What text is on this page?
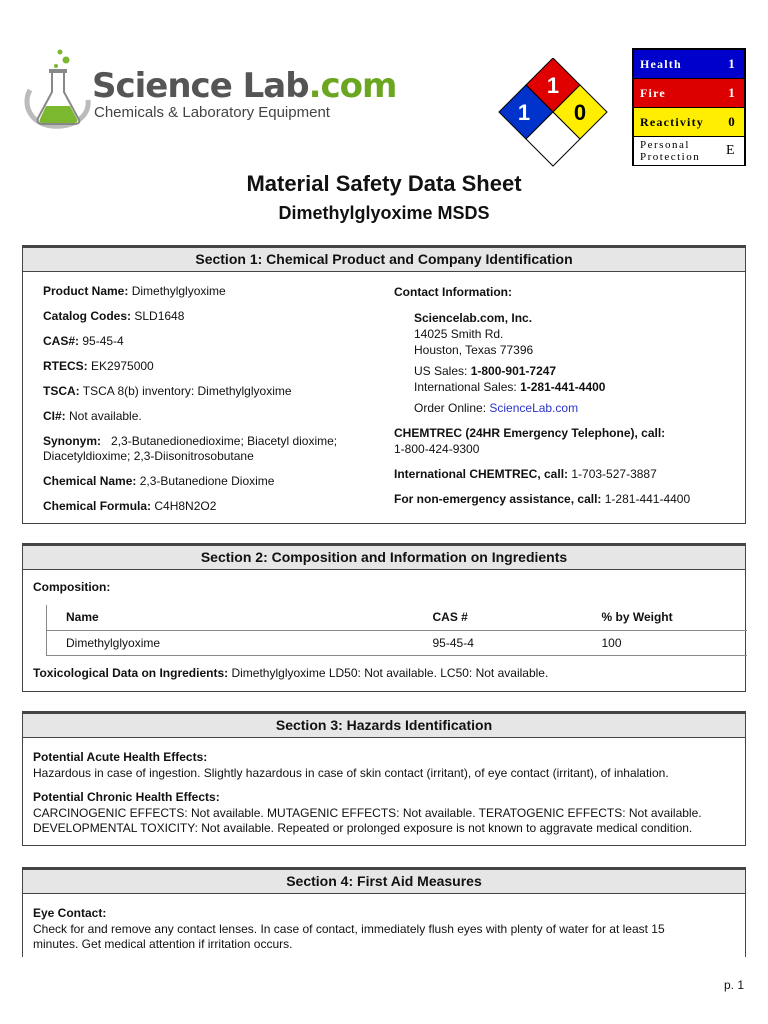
Science Lab.com
Chemicals & Laboratory Equipment
1
1 0
Health	1
Fire	1
Reactivity 0
Personal Protection	E
Material Safety Data Sheet
Dimethylglyoxime MSDS
Section 1: Chemical Product and Company Identification

Product Name: Dimethylglyoxime

Catalog Codes: SLD1648

CAS#: 95-45-4

RTECS: EK2975000

TSCA: TSCA 8(b) inventory: Dimethylglyoxime

CI#: Not available.

Synonym:   2,3-Butanedionedioxime; Biacetyl dioxime; Diacetyldioxime; 2,3-Diisonitrosobutane

Chemical Name: 2,3-Butanedione Dioxime

Chemical Formula: C4H8N2O2

Contact Information:

Sciencelab.com, Inc.

14025 Smith Rd.

Houston, Texas 77396

US Sales: 1-800-901-7247

International Sales: 1-281-441-4400

Order Online: ScienceLab.com

CHEMTREC (24HR Emergency Telephone), call:

1-800-424-9300

International CHEMTREC, call: 1-703-527-3887

For non-emergency assistance, call: 1-281-441-4400

Section 2: Composition and Information on Ingredients
Composition:
Name	CAS #	% by Weight
Dimethylglyoxime	95-45-4	100
Toxicological Data on Ingredients: Dimethylglyoxime LD50: Not available. LC50: Not available.
Section 3: Hazards Identification

Potential Acute Health Effects:

Hazardous in case of ingestion. Slightly hazardous in case of skin contact (irritant), of eye contact (irritant), of inhalation.

Potential Chronic Health Effects:

CARCINOGENIC EFFECTS: Not available. MUTAGENIC EFFECTS: Not available. TERATOGENIC EFFECTS: Not available. DEVELOPMENTAL TOXICITY: Not available. Repeated or prolonged exposure is not known to aggravate medical condition.

Section 4: First Aid Measures

Eye Contact:

Check for and remove any contact lenses. In case of contact, immediately flush eyes with plenty of water for at least 15 minutes. Get medical attention if irritation occurs.

p. 1
